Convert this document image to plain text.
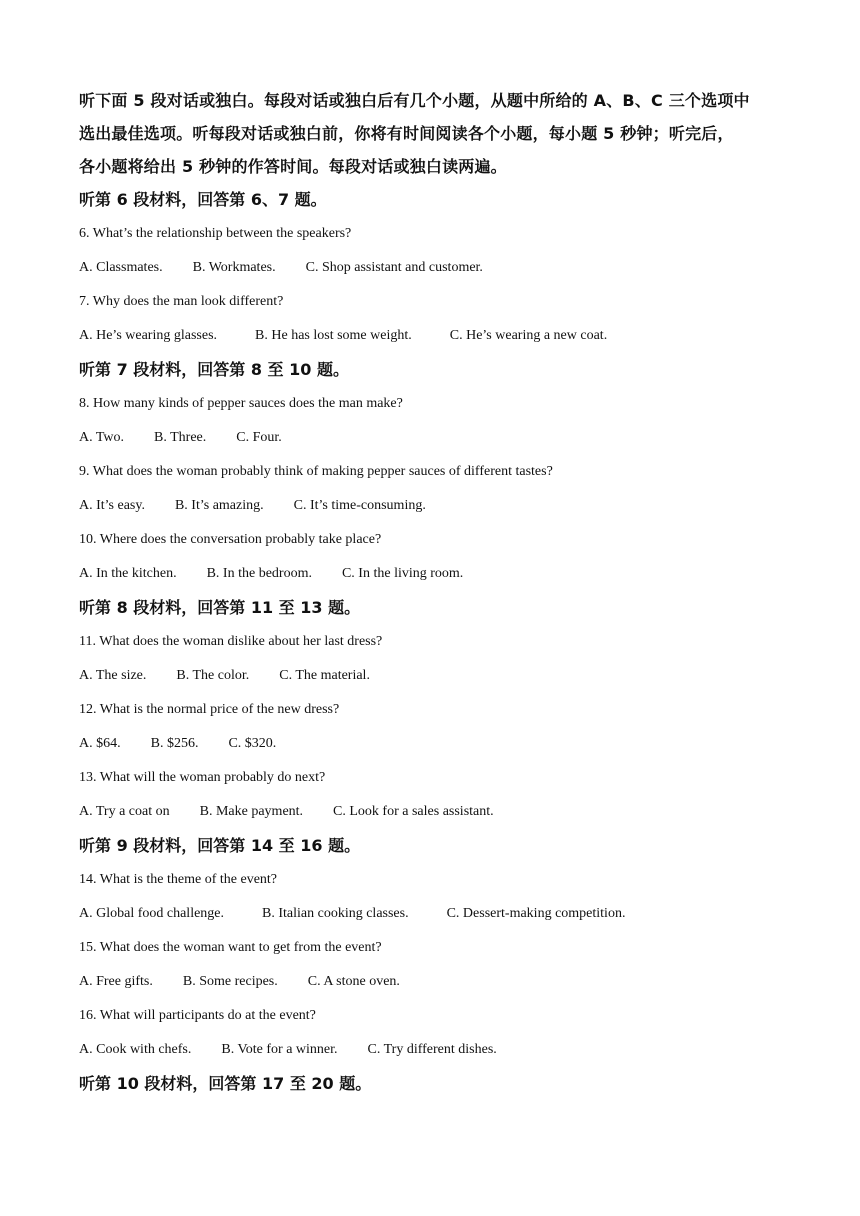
听下面 5 段对话或独白。每段对话或独白后有几个小题，从题中所给的 A、B、C 三个选项中
选出最佳选项。听每段对话或独白前，你将有时间阅读各个小题，每小题 5 秒钟；听完后，
各小题将给出 5 秒钟的作答时间。每段对话或独白读两遍。

听第 6 段材料，回答第 6、7 题。
6. What’s the relationship between the speakers?
A. Classmates. B. Workmates. C. Shop assistant and customer.
7. Why does the man look different?
A. He’s wearing glasses.	B. He has lost some weight.	C. He’s wearing a new coat.
听第 7 段材料，回答第 8 至 10 题。
8. How many kinds of pepper sauces does the man make?
A. Two. B. Three. C. Four.
9. What does the woman probably think of making pepper sauces of different tastes?
A. It’s easy. B. It’s amazing. C. It’s time-consuming.
10. Where does the conversation probably take place?
A. In the kitchen. B. In the bedroom. C. In the living room.
听第 8 段材料，回答第 11 至 13 题。
11. What does the woman dislike about her last dress?
A. The size. B. The color. C. The material.
12. What is the normal price of the new dress?
A. $64. B. $256. C. $320.
13. What will the woman probably do next?
A. Try a coat on B. Make payment. C. Look for a sales assistant.
听第 9 段材料，回答第 14 至 16 题。
14. What is the theme of the event?
A. Global food challenge.	B. Italian cooking classes.	C. Dessert-making competition.
15. What does the woman want to get from the event?
A. Free gifts. B. Some recipes. C. A stone oven.
16. What will participants do at the event?
A. Cook with chefs. B. Vote for a winner. C. Try different dishes.
听第 10 段材料，回答第 17 至 20 题。
